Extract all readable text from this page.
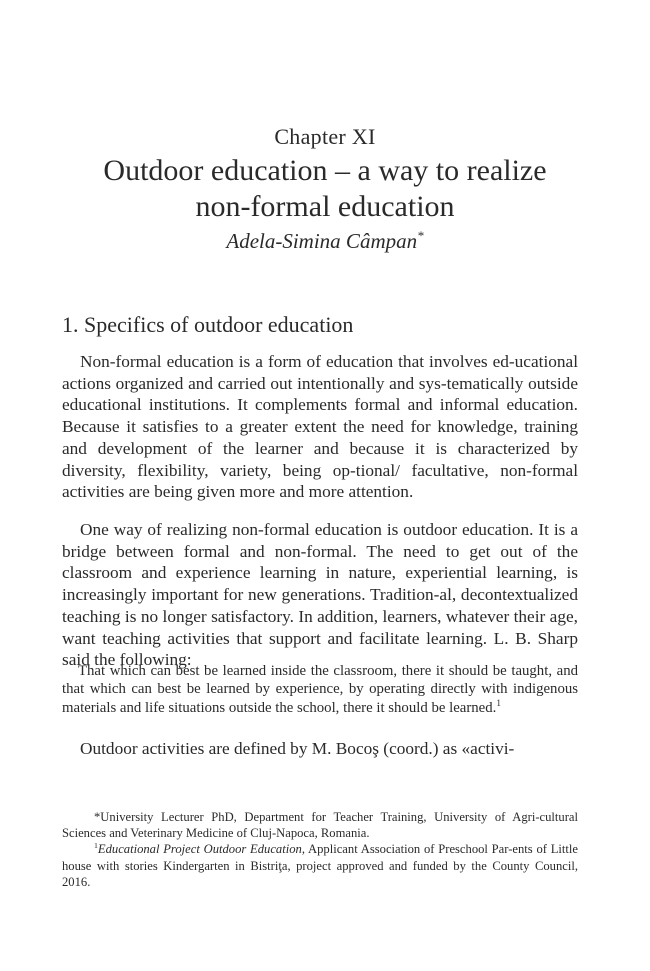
Chapter XI
Outdoor education – a way to realize
non-formal education
Adela-Simina Câmpan*
1. Specifics of outdoor education

Non-formal education is a form of education that involves ed-ucational actions organized and carried out intentionally and sys-tematically outside educational institutions. It complements formal and informal education. Because it satisfies to a greater extent the need for knowledge, training and development of the learner and because it is characterized by diversity, flexibility, variety, being op-tional/ facultative, non-formal activities are being given more and more attention.

One way of realizing non-formal education is outdoor education. It is a bridge between formal and non-formal. The need to get out of the classroom and experience learning in nature, experiential learning, is increasingly important for new generations. Tradition-al, decontextualized teaching is no longer satisfactory. In addition, learners, whatever their age, want teaching activities that support and facilitate learning. L. B. Sharp said the following:

That which can best be learned inside the classroom, there it should be taught, and that which can best be learned by experience, by operating directly with indigenous materials and life situations outside the school, there it should be learned.$^1$

Outdoor activities are defined by M. Bocoş (coord.) as «activi-

*University Lecturer PhD, Department for Teacher Training, University of Agri-cultural Sciences and Veterinary Medicine of Cluj-Napoca, Romania.

$^1$Educational Project Outdoor Education, Applicant Association of Preschool Par-ents of Little house with stories Kindergarten in Bistriţa, project approved and funded by the County Council, 2016.
